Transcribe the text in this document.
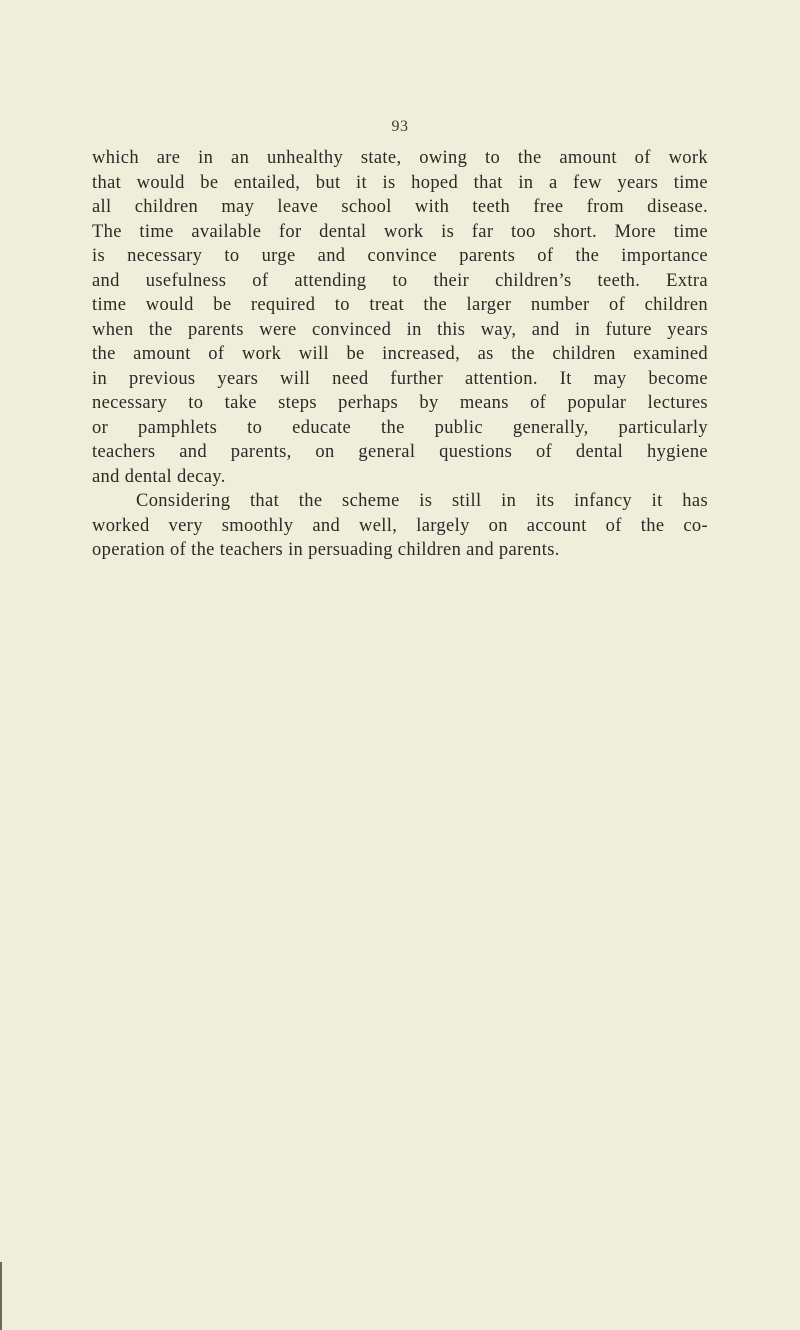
93
which are in an unhealthy state, owing to the amount of work
that would be entailed, but it is hoped that in a few years time
all children may leave school with teeth free from disease.
The time available for dental work is far too short. More time
is necessary to urge and convince parents of the importance
and usefulness of attending to their children’s teeth. Extra
time would be required to treat the larger number of children
when the parents were convinced in this way, and in future years
the amount of work will be increased, as the children examined
in previous years will need further attention. It may become
necessary to take steps perhaps by means of popular lectures
or pamphlets to educate the public generally, particularly
teachers and parents, on general questions of dental hygiene
and dental decay.
Considering that the scheme is still in its infancy it has
worked very smoothly and well, largely on account of the co-
operation of the teachers in persuading children and parents.
